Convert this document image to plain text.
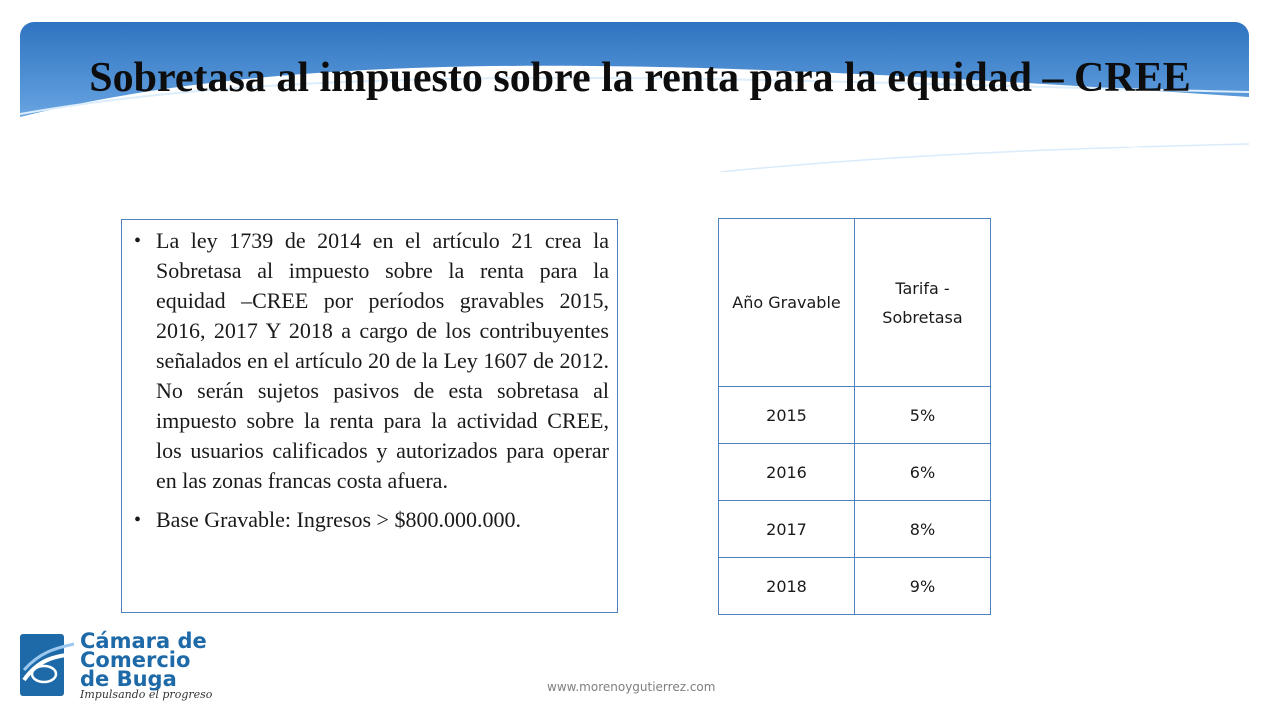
Sobretasa al impuesto sobre la renta para la equidad – CREE
• La ley 1739 de 2014 en el artículo 21 crea la Sobretasa al impuesto sobre la renta para la equidad –CREE por períodos gravables 2015, 2016, 2017 Y 2018 a cargo de los contribuyentes señalados en el artículo 20 de la Ley 1607 de 2012. No serán sujetos pasivos de esta sobretasa al impuesto sobre la renta para la actividad CREE, los usuarios calificados y autorizados para operar en las zonas francas costa afuera.
• Base Gravable: Ingresos > $800.000.000.
Año Gravable	Tarifa - Sobretasa
2015	5%
2016	6%
2017	8%
2018	9%
Cámara de
Comercio
de Buga
Impulsando el progreso
www.morenoygutierrez.com
